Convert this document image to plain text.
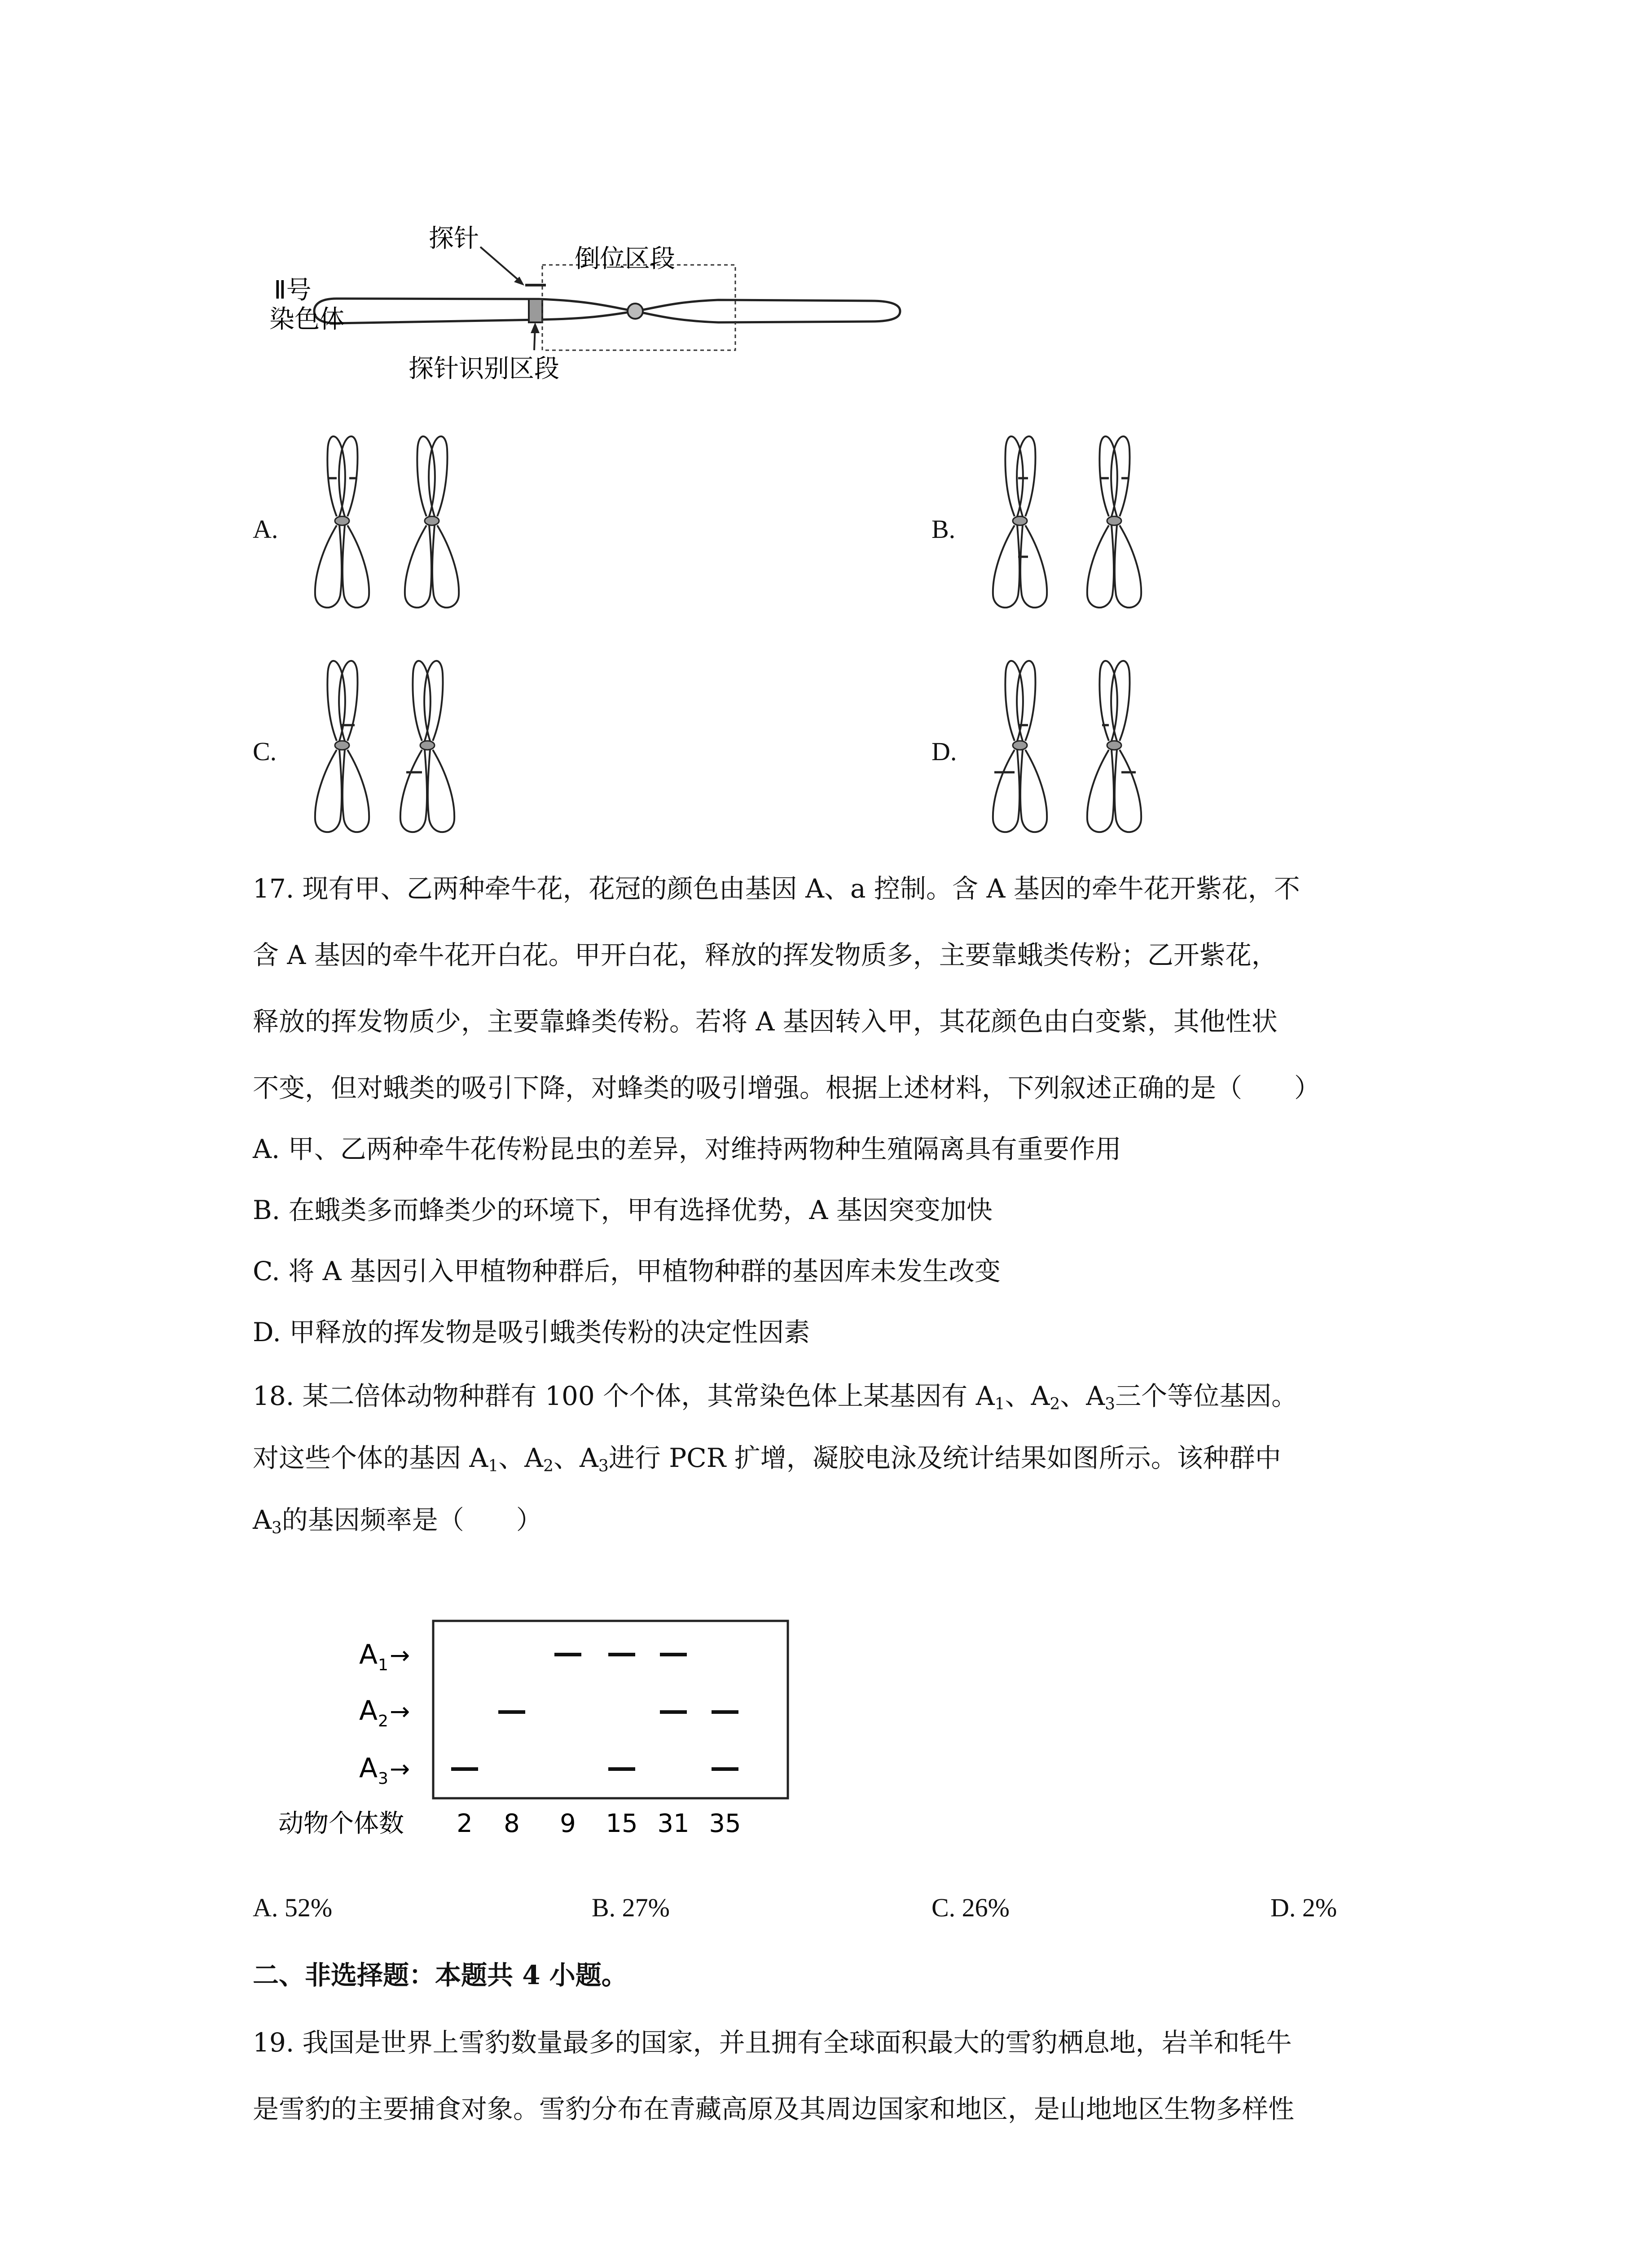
探针
倒位区段
Ⅱ号
染色体
探针识别区段
A.	B.
C.	D.
17. 现有甲、乙两种牵牛花，花冠的颜色由基因 A、a 控制。含 A 基因的牵牛花开紫花，不
含 A 基因的牵牛花开白花。甲开白花，释放的挥发物质多，主要靠蛾类传粉；乙开紫花，
释放的挥发物质少，主要靠蜂类传粉。若将 A 基因转入甲，其花颜色由白变紫，其他性状
不变，但对蛾类的吸引下降，对蜂类的吸引增强。根据上述材料，下列叙述正确的是（　　）
A. 甲、乙两种牵牛花传粉昆虫的差异，对维持两物种生殖隔离具有重要作用
B. 在蛾类多而蜂类少的环境下，甲有选择优势，A 基因突变加快
C. 将 A 基因引入甲植物种群后，甲植物种群的基因库未发生改变
D. 甲释放的挥发物是吸引蛾类传粉的决定性因素
18. 某二倍体动物种群有 100 个个体，其常染色体上某基因有 $A_1$、$A_2$、$A_3$三个等位基因。
对这些个体的基因 $A_1$、$A_2$、$A_3$进行 PCR 扩增，凝胶电泳及统计结果如图所示。该种群中
$A_3$的基因频率是（　　）
A 1 →
A 2 →
A 3 →
动物个体数 2 8 9 15 31 35
A. 52%	B. 27%	C. 26%	D. 2%
二、非选择题：本题共 4 小题。
19. 我国是世界上雪豹数量最多的国家，并且拥有全球面积最大的雪豹栖息地，岩羊和牦牛
是雪豹的主要捕食对象。雪豹分布在青藏高原及其周边国家和地区，是山地地区生物多样性
